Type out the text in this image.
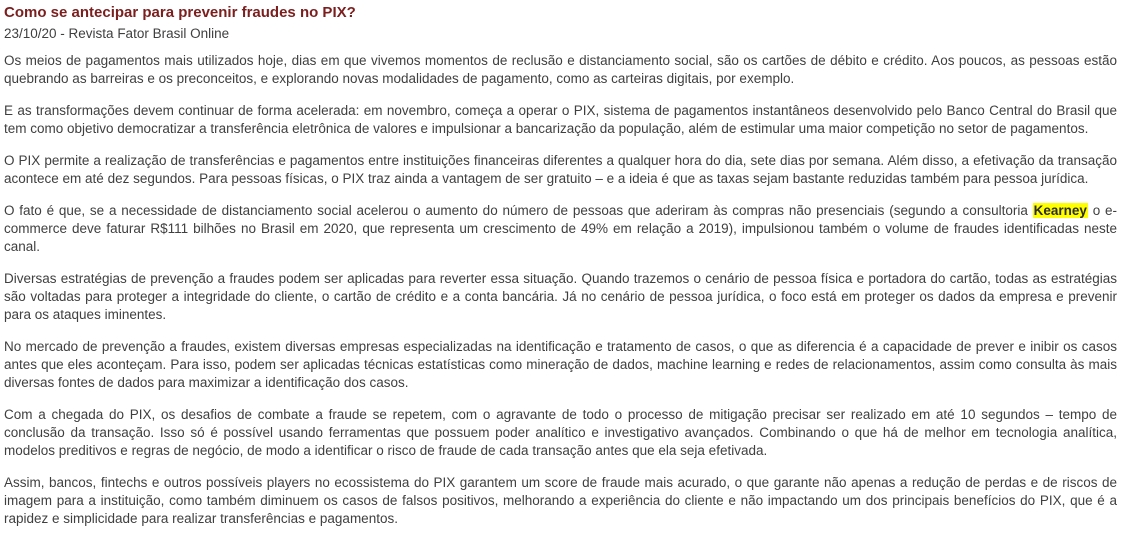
Como se antecipar para prevenir fraudes no PIX?
23/10/20 - Revista Fator Brasil Online

Os meios de pagamentos mais utilizados hoje, dias em que vivemos momentos de reclusão e distanciamento social, são os cartões de débito e crédito. Aos poucos, as pessoas estão quebrando as barreiras e os preconceitos, e explorando novas modalidades de pagamento, como as carteiras digitais, por exemplo.

E as transformações devem continuar de forma acelerada: em novembro, começa a operar o PIX, sistema de pagamentos instantâneos desenvolvido pelo Banco Central do Brasil que tem como objetivo democratizar a transferência eletrônica de valores e impulsionar a bancarização da população, além de estimular uma maior competição no setor de pagamentos.

O PIX permite a realização de transferências e pagamentos entre instituições financeiras diferentes a qualquer hora do dia, sete dias por semana. Além disso, a efetivação da transação acontece em até dez segundos. Para pessoas físicas, o PIX traz ainda a vantagem de ser gratuito – e a ideia é que as taxas sejam bastante reduzidas também para pessoa jurídica.

O fato é que, se a necessidade de distanciamento social acelerou o aumento do número de pessoas que aderiram às compras não presenciais (segundo a consultoria Kearney o e-commerce deve faturar R$111 bilhões no Brasil em 2020, que representa um crescimento de 49% em relação a 2019), impulsionou também o volume de fraudes identificadas neste canal.

Diversas estratégias de prevenção a fraudes podem ser aplicadas para reverter essa situação. Quando trazemos o cenário de pessoa física e portadora do cartão, todas as estratégias são voltadas para proteger a integridade do cliente, o cartão de crédito e a conta bancária. Já no cenário de pessoa jurídica, o foco está em proteger os dados da empresa e prevenir para os ataques iminentes.

No mercado de prevenção a fraudes, existem diversas empresas especializadas na identificação e tratamento de casos, o que as diferencia é a capacidade de prever e inibir os casos antes que eles aconteçam. Para isso, podem ser aplicadas técnicas estatísticas como mineração de dados, machine learning e redes de relacionamentos, assim como consulta às mais diversas fontes de dados para maximizar a identificação dos casos.

Com a chegada do PIX, os desafios de combate a fraude se repetem, com o agravante de todo o processo de mitigação precisar ser realizado em até 10 segundos – tempo de conclusão da transação. Isso só é possível usando ferramentas que possuem poder analítico e investigativo avançados. Combinando o que há de melhor em tecnologia analítica, modelos preditivos e regras de negócio, de modo a identificar o risco de fraude de cada transação antes que ela seja efetivada.

Assim, bancos, fintechs e outros possíveis players no ecossistema do PIX garantem um score de fraude mais acurado, o que garante não apenas a redução de perdas e de riscos de imagem para a instituição, como também diminuem os casos de falsos positivos, melhorando a experiência do cliente e não impactando um dos principais benefícios do PIX, que é a rapidez e simplicidade para realizar transferências e pagamentos.
